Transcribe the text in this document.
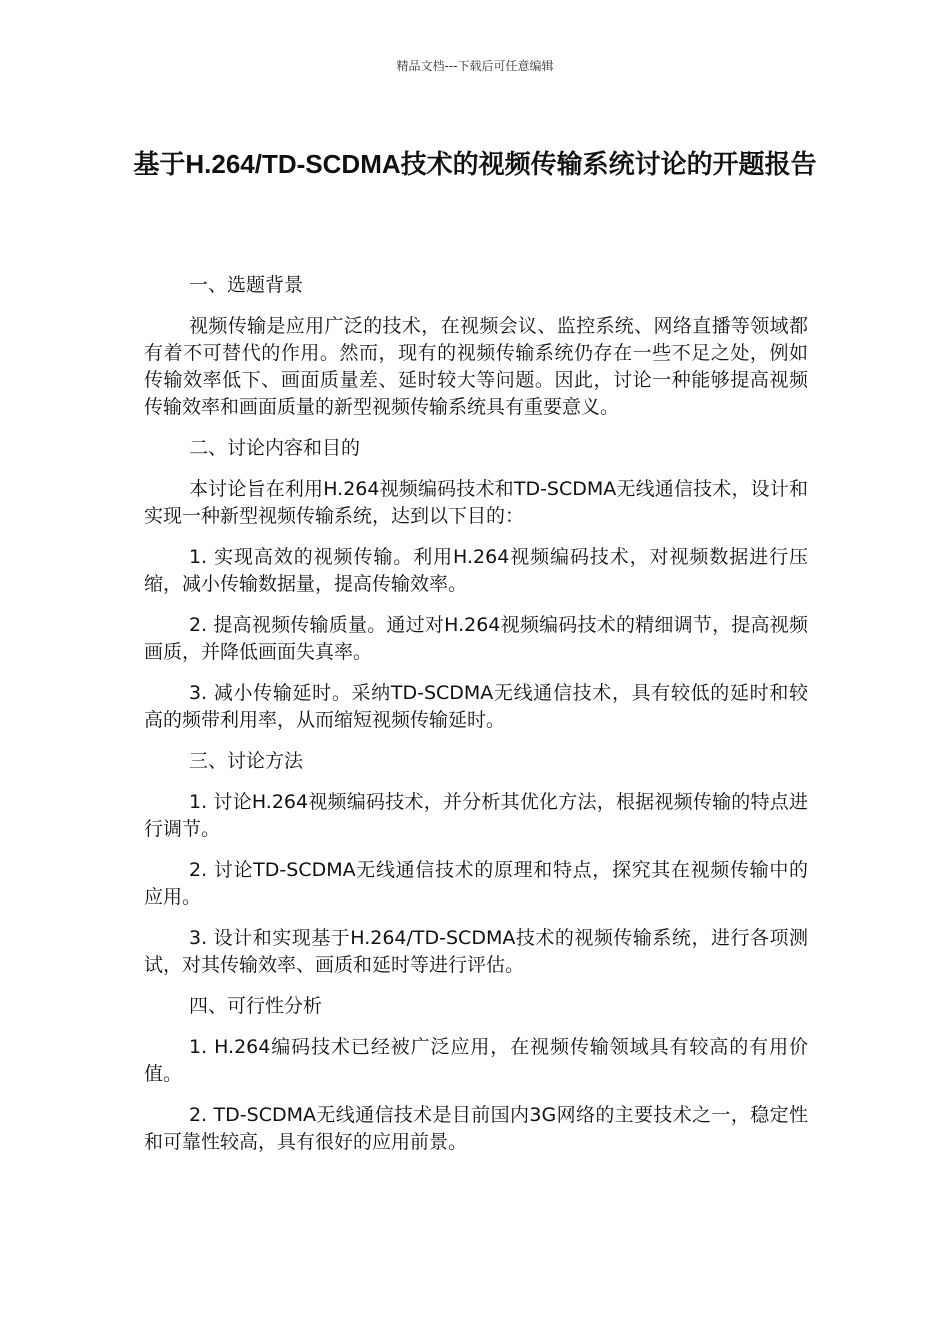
精品文档---下载后可任意编辑
基于H.264/TD-SCDMA技术的视频传输系统讨论的开题报告

一、选题背景

视频传输是应用广泛的技术，在视频会议、监控系统、网络直播等领域都有着不可替代的作用。然而，现有的视频传输系统仍存在一些不足之处，例如传输效率低下、画面质量差、延时较大等问题。因此，讨论一种能够提高视频传输效率和画面质量的新型视频传输系统具有重要意义。

二、讨论内容和目的

本讨论旨在利用H.264视频编码技术和TD-SCDMA无线通信技术，设计和实现一种新型视频传输系统，达到以下目的：

1. 实现高效的视频传输。利用H.264视频编码技术，对视频数据进行压缩，减小传输数据量，提高传输效率。

2. 提高视频传输质量。通过对H.264视频编码技术的精细调节，提高视频画质，并降低画面失真率。

3. 减小传输延时。采纳TD-SCDMA无线通信技术，具有较低的延时和较高的频带利用率，从而缩短视频传输延时。

三、讨论方法

1. 讨论H.264视频编码技术，并分析其优化方法，根据视频传输的特点进行调节。

2. 讨论TD-SCDMA无线通信技术的原理和特点，探究其在视频传输中的应用。

3. 设计和实现基于H.264/TD-SCDMA技术的视频传输系统，进行各项测试，对其传输效率、画质和延时等进行评估。

四、可行性分析

1. H.264编码技术已经被广泛应用，在视频传输领域具有较高的有用价值。

2. TD-SCDMA无线通信技术是目前国内3G网络的主要技术之一，稳定性和可靠性较高，具有很好的应用前景。
